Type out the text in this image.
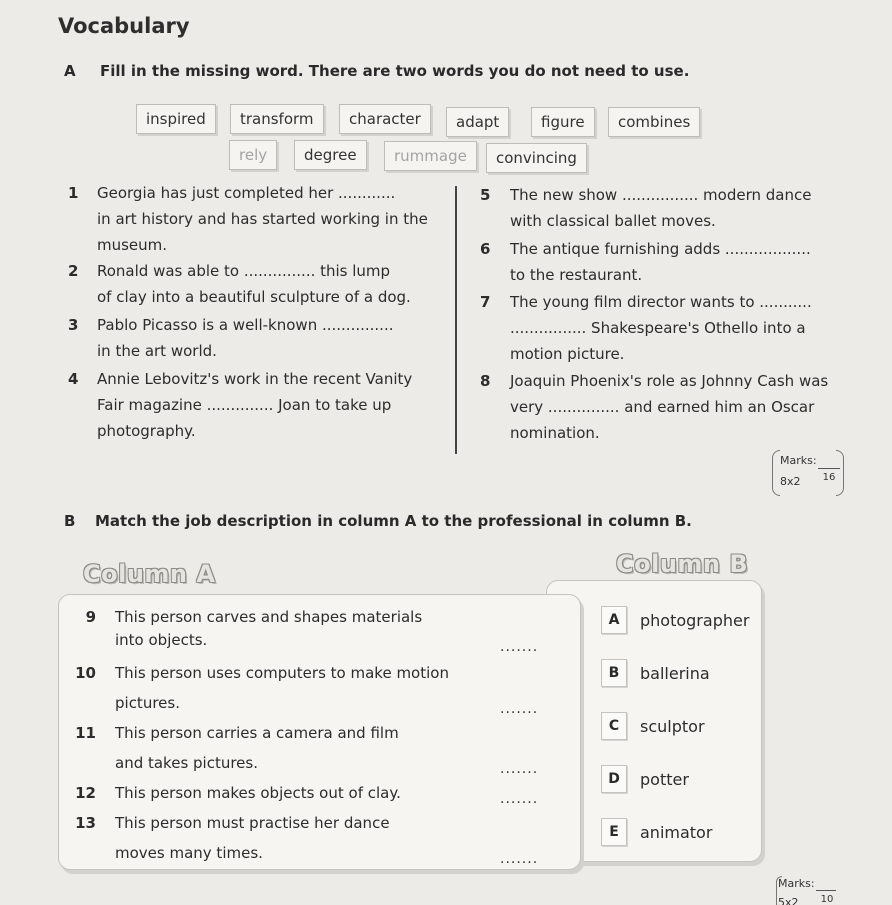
Vocabulary
A Fill in the missing word. There are two words you do not need to use.
inspired	transform	character	adapt	figure	combines
rely	degree	rummage	convincing
1 Georgia has just completed her ............
in art history and has started working in the
museum.
2 Ronald was able to ............... this lump
of clay into a beautiful sculpture of a dog.
3 Pablo Picasso is a well-known ...............
in the art world.
4 Annie Lebovitz's work in the recent Vanity
Fair magazine .............. Joan to take up
photography.
5 The new show ................ modern dance
with classical ballet moves.
6 The antique furnishing adds ..................
to the restaurant.
7 The young film director wants to ...........
................ Shakespeare's Othello into a
motion picture.
8 Joaquin Phoenix's role as Johnny Cash was
very ............... and earned him an Oscar
nomination.
Marks:
8x2	16
B Match the job description in column A to the professional in column B.
Column A	Column B
9 This person carves and shapes materials
into objects.	.......
10 This person uses computers to make motion
pictures.	.......
11 This person carries a camera and film
and takes pictures.	.......
12 This person makes objects out of clay.	.......
13 This person must practise her dance
moves many times.	.......
A	photographer
B	ballerina
C	sculptor
D	potter
E	animator
Marks:
5x2	10
